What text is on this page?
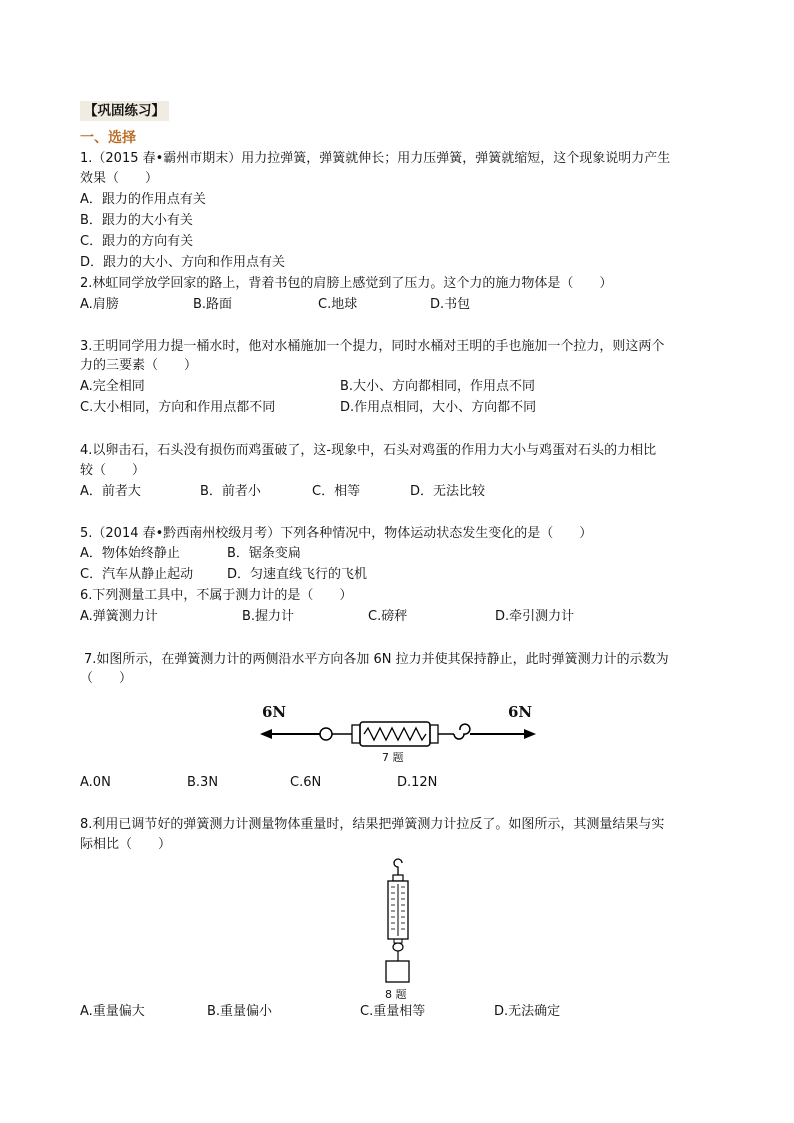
【巩固练习】
一、选择
1.（2015 春•霸州市期末）用力拉弹簧，弹簧就伸长；用力压弹簧，弹簧就缩短，这个现象说明力产生
效果（　　）
A．跟力的作用点有关
B．跟力的大小有关
C．跟力的方向有关
D．跟力的大小、方向和作用点有关
2.林虹同学放学回家的路上，背着书包的肩膀上感觉到了压力。这个力的施力物体是（　　）
A.肩膀	B.路面	C.地球	D.书包
3.王明同学用力提一桶水时，他对水桶施加一个提力，同时水桶对王明的手也施加一个拉力，则这两个
力的三要素（　　）
A.完全相同	B.大小、方向都相同，作用点不同
C.大小相同，方向和作用点都不同	D.作用点相同，大小、方向都不同
4.以卵击石，石头没有损伤而鸡蛋破了，这-现象中，石头对鸡蛋的作用力大小与鸡蛋对石头的力相比
较（　　）
A．前者大	B．前者小	C．相等	D．无法比较
5.（2014 春•黔西南州校级月考）下列各种情况中，物体运动状态发生变化的是（　　）
A．物体始终静止	B．锯条变扁
C．汽车从静止起动	D．匀速直线飞行的飞机
6.下列测量工具中，不属于测力计的是（　　）
A.弹簧测力计	B.握力计	C.磅秤	D.牵引测力计
7.如图所示，在弹簧测力计的两侧沿水平方向各加 6N 拉力并使其保持静止，此时弹簧测力计的示数为
（　　）
6N	6N
7 题
A.0N	B.3N	C.6N	D.12N
8.利用已调节好的弹簧测力计测量物体重量时，结果把弹簧测力计拉反了。如图所示，其测量结果与实
际相比（　　）
8 题
A.重量偏大	B.重量偏小	C.重量相等	D.无法确定
